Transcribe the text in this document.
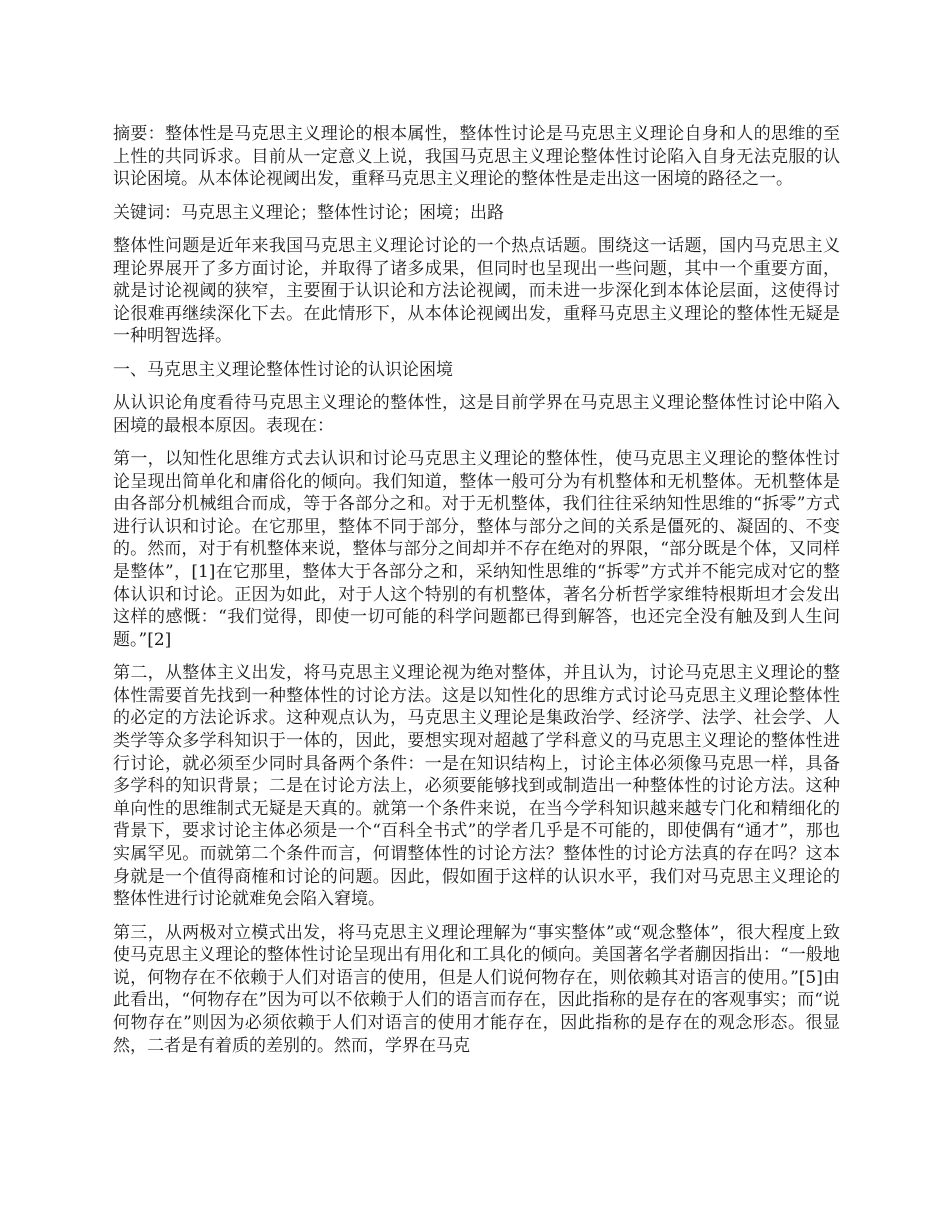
摘要：整体性是马克思主义理论的根本属性，整体性讨论是马克思主义理论自身和人的思维的至上性的共同诉求。目前从一定意义上说，我国马克思主义理论整体性讨论陷入自身无法克服的认识论困境。从本体论视阈出发，重释马克思主义理论的整体性是走出这一困境的路径之一。

关键词：马克思主义理论；整体性讨论；困境；出路

整体性问题是近年来我国马克思主义理论讨论的一个热点话题。围绕这一话题，国内马克思主义理论界展开了多方面讨论，并取得了诸多成果，但同时也呈现出一些问题，其中一个重要方面，就是讨论视阈的狭窄，主要囿于认识论和方法论视阈，而未进一步深化到本体论层面，这使得讨论很难再继续深化下去。在此情形下，从本体论视阈出发，重释马克思主义理论的整体性无疑是一种明智选择。

一、马克思主义理论整体性讨论的认识论困境

从认识论角度看待马克思主义理论的整体性，这是目前学界在马克思主义理论整体性讨论中陷入困境的最根本原因。表现在：

第一，以知性化思维方式去认识和讨论马克思主义理论的整体性，使马克思主义理论的整体性讨论呈现出简单化和庸俗化的倾向。我们知道，整体一般可分为有机整体和无机整体。无机整体是由各部分机械组合而成，等于各部分之和。对于无机整体，我们往往采纳知性思维的“拆零”方式进行认识和讨论。在它那里，整体不同于部分，整体与部分之间的关系是僵死的、凝固的、不变的。然而，对于有机整体来说，整体与部分之间却并不存在绝对的界限，“部分既是个体，又同样是整体”，[1]在它那里，整体大于各部分之和，采纳知性思维的“拆零”方式并不能完成对它的整体认识和讨论。正因为如此，对于人这个特别的有机整体，著名分析哲学家维特根斯坦才会发出这样的感慨：“我们觉得，即使一切可能的科学问题都已得到解答，也还完全没有触及到人生问题。”[2]

第二，从整体主义出发，将马克思主义理论视为绝对整体，并且认为，讨论马克思主义理论的整体性需要首先找到一种整体性的讨论方法。这是以知性化的思维方式讨论马克思主义理论整体性的必定的方法论诉求。这种观点认为，马克思主义理论是集政治学、经济学、法学、社会学、人类学等众多学科知识于一体的，因此，要想实现对超越了学科意义的马克思主义理论的整体性进行讨论，就必须至少同时具备两个条件：一是在知识结构上，讨论主体必须像马克思一样，具备多学科的知识背景；二是在讨论方法上，必须要能够找到或制造出一种整体性的讨论方法。这种单向性的思维制式无疑是天真的。就第一个条件来说，在当今学科知识越来越专门化和精细化的背景下，要求讨论主体必须是一个“百科全书式”的学者几乎是不可能的，即使偶有“通才”，那也实属罕见。而就第二个条件而言，何谓整体性的讨论方法？整体性的讨论方法真的存在吗？这本身就是一个值得商榷和讨论的问题。因此，假如囿于这样的认识水平，我们对马克思主义理论的整体性进行讨论就难免会陷入窘境。

第三，从两极对立模式出发，将马克思主义理论理解为“事实整体”或“观念整体”，很大程度上致使马克思主义理论的整体性讨论呈现出有用化和工具化的倾向。美国著名学者蒯因指出：“一般地说，何物存在不依赖于人们对语言的使用，但是人们说何物存在，则依赖其对语言的使用。”[5]由此看出，“何物存在”因为可以不依赖于人们的语言而存在，因此指称的是存在的客观事实；而“说何物存在”则因为必须依赖于人们对语言的使用才能存在，因此指称的是存在的观念形态。很显然，二者是有着质的差别的。然而，学界在马克
